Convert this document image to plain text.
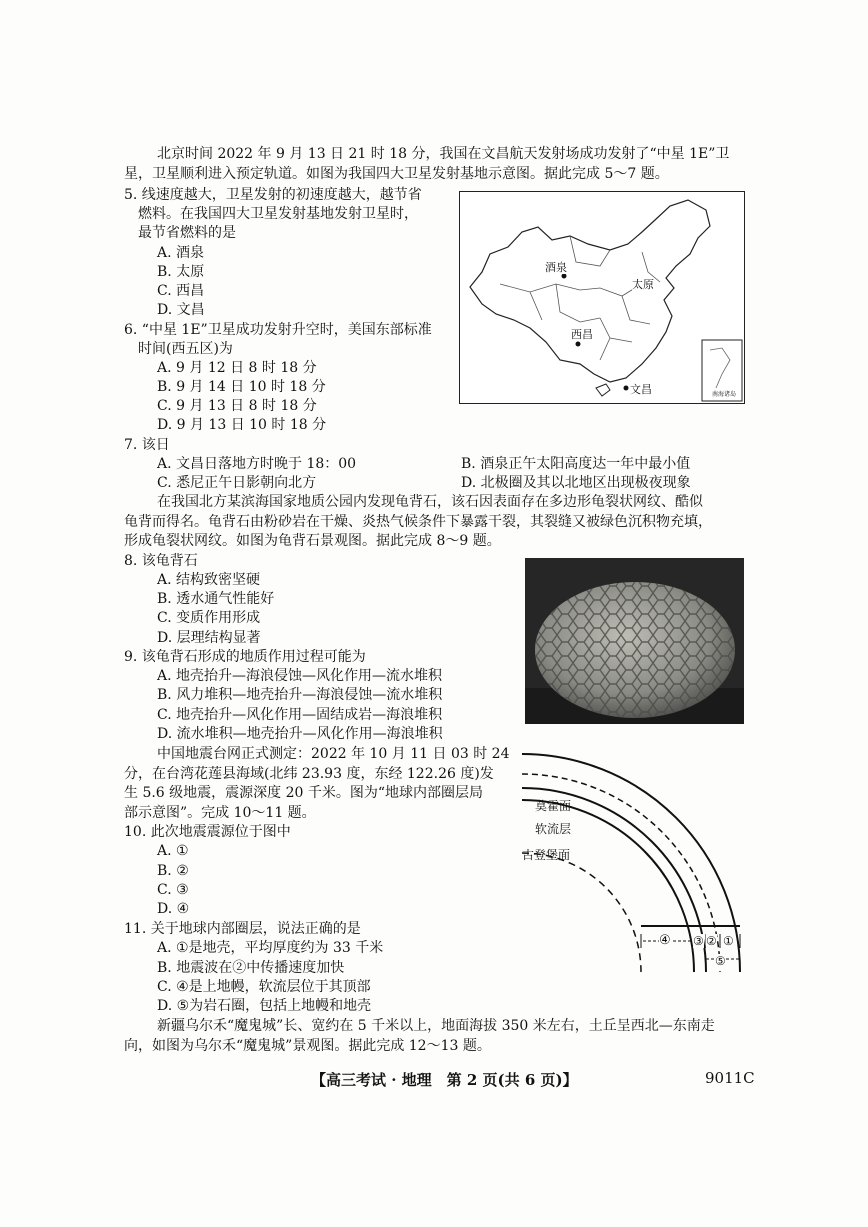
北京时间 2022 年 9 月 13 日 21 时 18 分，我国在文昌航天发射场成功发射了“中星 1E”卫
星，卫星顺利进入预定轨道。如图为我国四大卫星发射基地示意图。据此完成 5～7 题。
5. 线速度越大，卫星发射的初速度越大，越节省
燃料。在我国四大卫星发射基地发射卫星时，
最节省燃料的是
A. 酒泉
B. 太原
C. 西昌
D. 文昌
6. “中星 1E”卫星成功发射升空时，美国东部标准
时间(西五区)为
A. 9 月 12 日 8 时 18 分
B. 9 月 14 日 10 时 18 分
C. 9 月 13 日 8 时 18 分
D. 9 月 13 日 10 时 18 分
酒泉
太原
西昌
文昌	南海诸岛
7. 该日
A. 文昌日落地方时晚于 18：00	B. 酒泉正午太阳高度达一年中最小值
C. 悉尼正午日影朝向北方	D. 北极圈及其以北地区出现极夜现象
在我国北方某滨海国家地质公园内发现龟背石，该石因表面存在多边形龟裂状网纹、酷似
龟背而得名。龟背石由粉砂岩在干燥、炎热气候条件下暴露干裂，其裂缝又被绿色沉积物充填，
形成龟裂状网纹。如图为龟背石景观图。据此完成 8～9 题。
8. 该龟背石
A. 结构致密坚硬
B. 透水通气性能好
C. 变质作用形成
D. 层理结构显著
9. 该龟背石形成的地质作用过程可能为
A. 地壳抬升—海浪侵蚀—风化作用—流水堆积
B. 风力堆积—地壳抬升—海浪侵蚀—流水堆积
C. 地壳抬升—风化作用—固结成岩—海浪堆积
D. 流水堆积—地壳抬升—风化作用—海浪堆积
中国地震台网正式测定：2022 年 10 月 11 日 03 时 24
分，在台湾花莲县海域(北纬 23.93 度，东经 122.26 度)发
生 5.6 级地震，震源深度 20 千米。图为“地球内部圈层局
部示意图”。完成 10～11 题。
10. 此次地震震源位于图中
A. ①
B. ②
C. ③
D. ④
莫霍面
软流层
古登堡面
④ ③ ② ①
⑤
11. 关于地球内部圈层，说法正确的是
A. ①是地壳，平均厚度约为 33 千米
B. 地震波在②中传播速度加快
C. ④是上地幔，软流层位于其顶部
D. ⑤为岩石圈，包括上地幔和地壳
新疆乌尔禾“魔鬼城”长、宽约在 5 千米以上，地面海拔 350 米左右，土丘呈西北—东南走
向，如图为乌尔禾“魔鬼城”景观图。据此完成 12～13 题。
【高三考试 · 地理　第 2 页(共 6 页)】	9011C
